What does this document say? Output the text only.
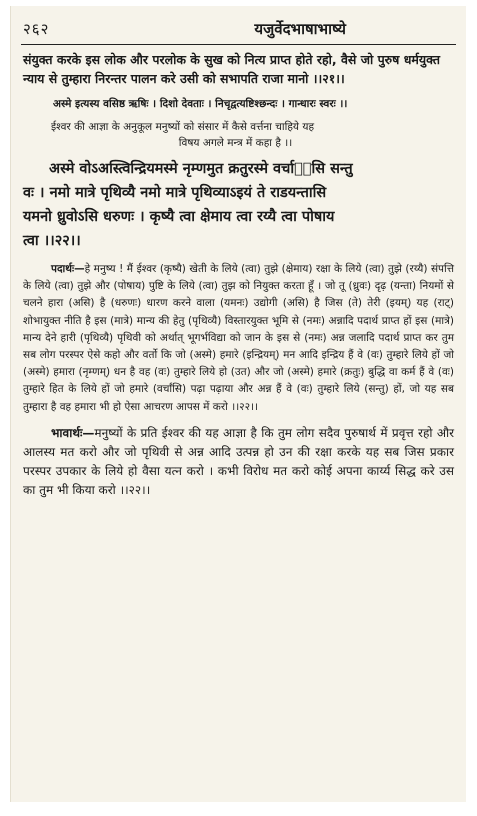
२६२	यजुर्वेदभाषाभाष्ये

संयुक्त करके इस लोक और परलोक के सुख को नित्य प्राप्त होते रहो, वैसे जो पुरुष धर्मयुक्त न्याय से तुम्हारा निरन्तर पालन करे उसी को सभापति राजा मानो ।।२१।।

अस्मे इत्यस्य वसिष्ठ ऋषिः । दिशो देवताः । निचृद्वत्यष्टिश्छन्दः । गान्धारः स्वरः ।।

ईश्वर की आज्ञा के अनुकूल मनुष्यों को संसार में कैसे वर्त्तना चाहिये यह
विषय अगले मन्त्र में कहा है ।।

अस्मे वोऽअस्त्विन्द्रियमस्मे नृम्णमुत क्रतुरस्मे वर्चाᳬंसि सन्तु

वः । नमो मात्रे पृथिव्यै नमो मात्रे पृथिव्याऽइयं ते राडयन्तासि

यमनो ध्रुवोऽसि धरुणः । कृष्यै त्वा क्षेमाय त्वा रय्यै त्वा पोषाय

त्वा ।।२२।।

पदार्थः—हे मनुष्य ! मैं ईश्वर (कृष्यै) खेती के लिये (त्वा) तुझे (क्षेमाय) रक्षा के लिये (त्वा) तुझे (रय्यै) संपत्ति के लिये (त्वा) तुझे और (पोषाय) पुष्टि के लिये (त्वा) तुझ को नियुक्त करता हूँ । जो तू (ध्रुवः) दृढ़ (यन्ता) नियमों से चलने हारा (असि) है (धरुणः) धारण करने वाला (यमनः) उद्योगी (असि) है जिस (ते) तेरी (इयम्) यह (राट्) शोभायुक्त नीति है इस (मात्रे) मान्य की हेतु (पृथिव्यै) विस्तारयुक्त भूमि से (नमः) अन्नादि पदार्थ प्राप्त हों इस (मात्रे) मान्य देने हारी (पृथिव्यै) पृथिवी को अर्थात् भूगर्भविद्या को जान के इस से (नमः) अन्न जलादि पदार्थ प्राप्त कर तुम सब लोग परस्पर ऐसे कहो और वर्तो कि जो (अस्मे) हमारे (इन्द्रियम्) मन आदि इन्द्रिय हैं वे (वः) तुम्हारे लिये हों जो (अस्मे) हमारा (नृम्णम्) धन है वह (वः) तुम्हारे लिये हो (उत) और जो (अस्मे) हमारे (क्रतुः) बुद्धि वा कर्म हैं वे (वः) तुम्हारे हित के लिये हों जो हमारे (वर्चांसि) पढ़ा पढ़ाया और अन्न हैं वे (वः) तुम्हारे लिये (सन्तु) हों, जो यह सब तुम्हारा है वह हमारा भी हो ऐसा आचरण आपस में करो ।।२२।।

भावार्थः—मनुष्यों के प्रति ईश्वर की यह आज्ञा है कि तुम लोग सदैव पुरुषार्थ में प्रवृत्त रहो और आलस्य मत करो और जो पृथिवी से अन्न आदि उत्पन्न हो उन की रक्षा करके यह सब जिस प्रकार परस्पर उपकार के लिये हो वैसा यत्न करो । कभी विरोध मत करो कोई अपना कार्य्य सिद्ध करे उस का तुम भी किया करो ।।२२।।
